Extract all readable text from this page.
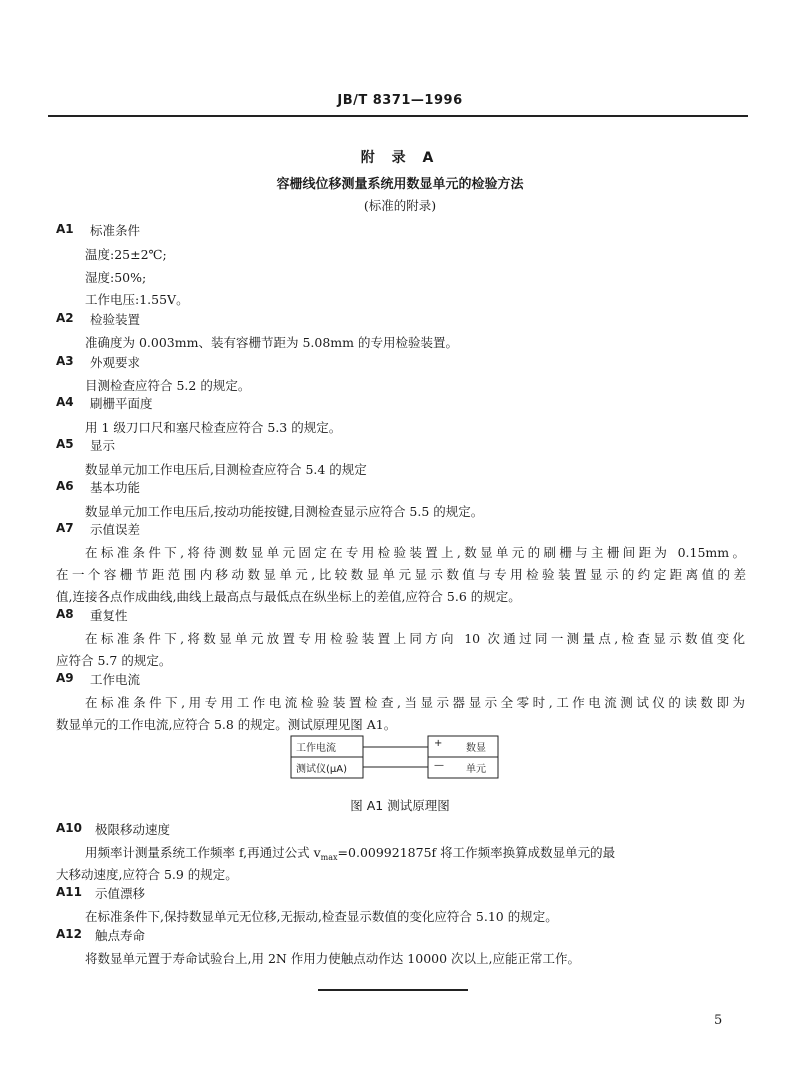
JB/T 8371—1996
附 录 A
容栅线位移测量系统用数显单元的检验方法
(标准的附录)
A1 标准条件
温度:25±2℃;
湿度:50%;
工作电压:1.55V。
A2 检验装置
准确度为 0.003mm、装有容栅节距为 5.08mm 的专用检验装置。
A3 外观要求
目测检查应符合 5.2 的规定。
A4 刷栅平面度
用 1 级刀口尺和塞尺检查应符合 5.3 的规定。
A5 显示
数显单元加工作电压后,目测检查应符合 5.4 的规定
A6 基本功能
数显单元加工作电压后,按动功能按键,目测检查显示应符合 5.5 的规定。
A7 示值误差
在标准条件下,将待测数显单元固定在专用检验装置上,数显单元的刷栅与主栅间距为 0.15mm。
在一个容栅节距范围内移动数显单元,比较数显单元显示数值与专用检验装置显示的约定距离值的差
值,连接各点作成曲线,曲线上最高点与最低点在纵坐标上的差值,应符合 5.6 的规定。
A8 重复性
在标准条件下,将数显单元放置专用检验装置上同方向 10 次通过同一测量点,检查显示数值变化
应符合 5.7 的规定。
A9 工作电流
在标准条件下,用专用工作电流检验装置检查,当显示器显示全零时,工作电流测试仪的读数即为
数显单元的工作电流,应符合 5.8 的规定。测试原理见图 A1。
工作电流
测试仪(μA)
+
—
数显
单元
图 A1 测试原理图
A10 极限移动速度
用频率计测量系统工作频率 f,再通过公式 $v_{max}=0.009921875f$ 将工作频率换算成数显单元的最
大移动速度,应符合 5.9 的规定。
A11 示值漂移
在标准条件下,保持数显单元无位移,无振动,检查显示数值的变化应符合 5.10 的规定。
A12 触点寿命
将数显单元置于寿命试验台上,用 2N 作用力使触点动作达 10000 次以上,应能正常工作。
5
